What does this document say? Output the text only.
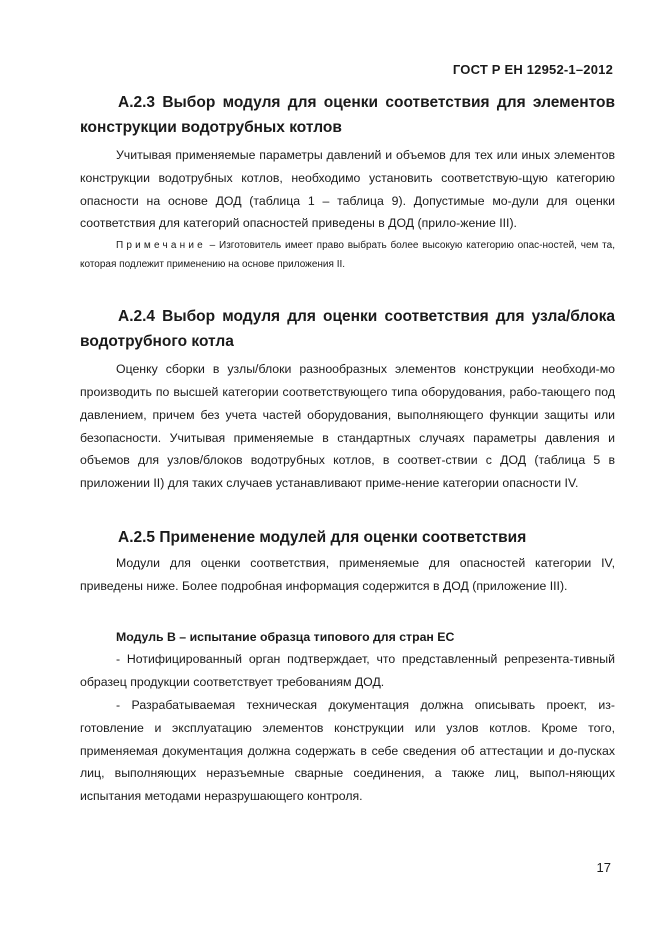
ГОСТ Р ЕН 12952-1–2012
А.2.3 Выбор модуля для оценки соответствия для элементов конструкции водотрубных котлов

Учитывая применяемые параметры давлений и объемов для тех или иных элементов конструкции водотрубных котлов, необходимо установить соответствую-щую категорию опасности на основе ДОД (таблица 1 – таблица 9). Допустимые мо-дули для оценки соответствия для категорий опасностей приведены в ДОД (прило-жение III).

Примечание – Изготовитель имеет право выбрать более высокую категорию опас-ностей, чем та, которая подлежит применению на основе приложения II.
А.2.4 Выбор модуля для оценки соответствия для узла/блока водотрубного котла

Оценку сборки в узлы/блоки разнообразных элементов конструкции необходи-мо производить по высшей категории соответствующего типа оборудования, рабо-тающего под давлением, причем без учета частей оборудования, выполняющего функции защиты или безопасности. Учитывая применяемые в стандартных случаях параметры давления и объемов для узлов/блоков водотрубных котлов, в соответ-ствии с ДОД (таблица 5 в приложении II) для таких случаев устанавливают приме-нение категории опасности IV.

А.2.5 Применение модулей для оценки соответствия

Модули для оценки соответствия, применяемые для опасностей категории IV, приведены ниже. Более подробная информация содержится в ДОД (приложение III).

Модуль В – испытание образца типового для стран ЕС

- Нотифицированный орган подтверждает, что представленный репрезента-тивный образец продукции соответствует требованиям ДОД.

- Разрабатываемая техническая документация должна описывать проект, из-готовление и эксплуатацию элементов конструкции или узлов котлов. Кроме того, применяемая документация должна содержать в себе сведения об аттестации и до-пусках лиц, выполняющих неразъемные сварные соединения, а также лиц, выпол-няющих испытания методами неразрушающего контроля.

17
